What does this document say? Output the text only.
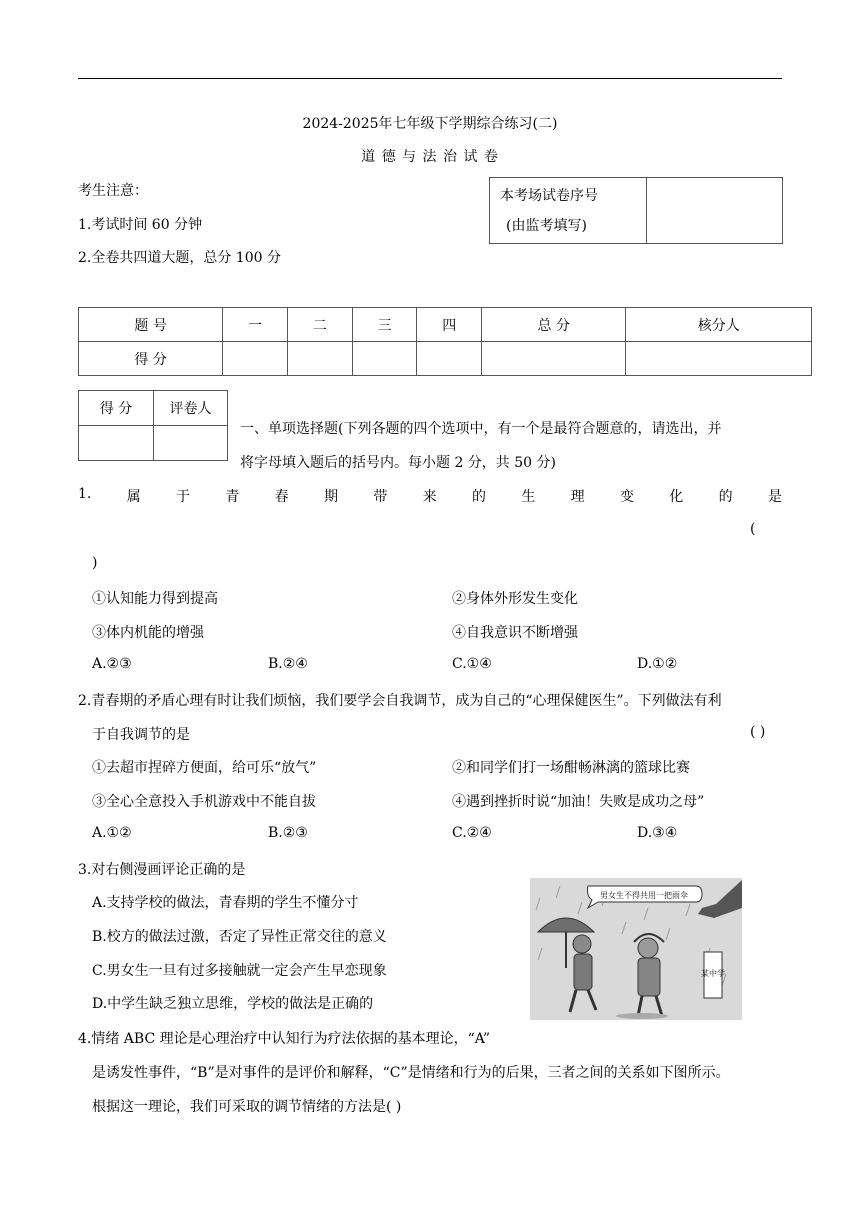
2024-2025年七年级下学期综合练习(二)
道 德 与 法 治 试 卷
考生注意：
1.考试时间 60 分钟
2.全卷共四道大题，总分 100 分
本考场试卷序号
(由监考填写)

题 号	一	二	三	四	总 分	核分人
得 分						
得 分	评卷人

一、单项选择题(下列各题的四个选项中，有一个是最符合题意的，请选出，并
将字母填入题后的括号内。每小题 2 分，共 50 分)
1.	属	于	青	春	期	带	来	的	生	理	变	化	的	是
(
)
①认知能力得到提高	②身体外形发生变化
③体内机能的增强	④自我意识不断增强
A.②③	B.②④	C.①④	D.①②
2.青春期的矛盾心理有时让我们烦恼，我们要学会自我调节，成为自己的“心理保健医生”。下列做法有利
于自我调节的是	( )
①去超市捏碎方便面，给可乐“放气”	②和同学们打一场酣畅淋漓的篮球比赛
③全心全意投入手机游戏中不能自拔	④遇到挫折时说“加油！失败是成功之母”
A.①②	B.②③	C.②④	D.③④
3.对右侧漫画评论正确的是
A.支持学校的做法，青春期的学生不懂分寸
B.校方的做法过激，否定了异性正常交往的意义
C.男女生一旦有过多接触就一定会产生早恋现象
D.中学生缺乏独立思维，学校的做法是正确的
男女生不得共用一把雨伞
某中学
4.情绪 ABC 理论是心理治疗中认知行为疗法依据的基本理论，“A”
是诱发性事件，“B”是对事件的是评价和解释，“C”是情绪和行为的后果，三者之间的关系如下图所示。
根据这一理论，我们可采取的调节情绪的方法是( )
